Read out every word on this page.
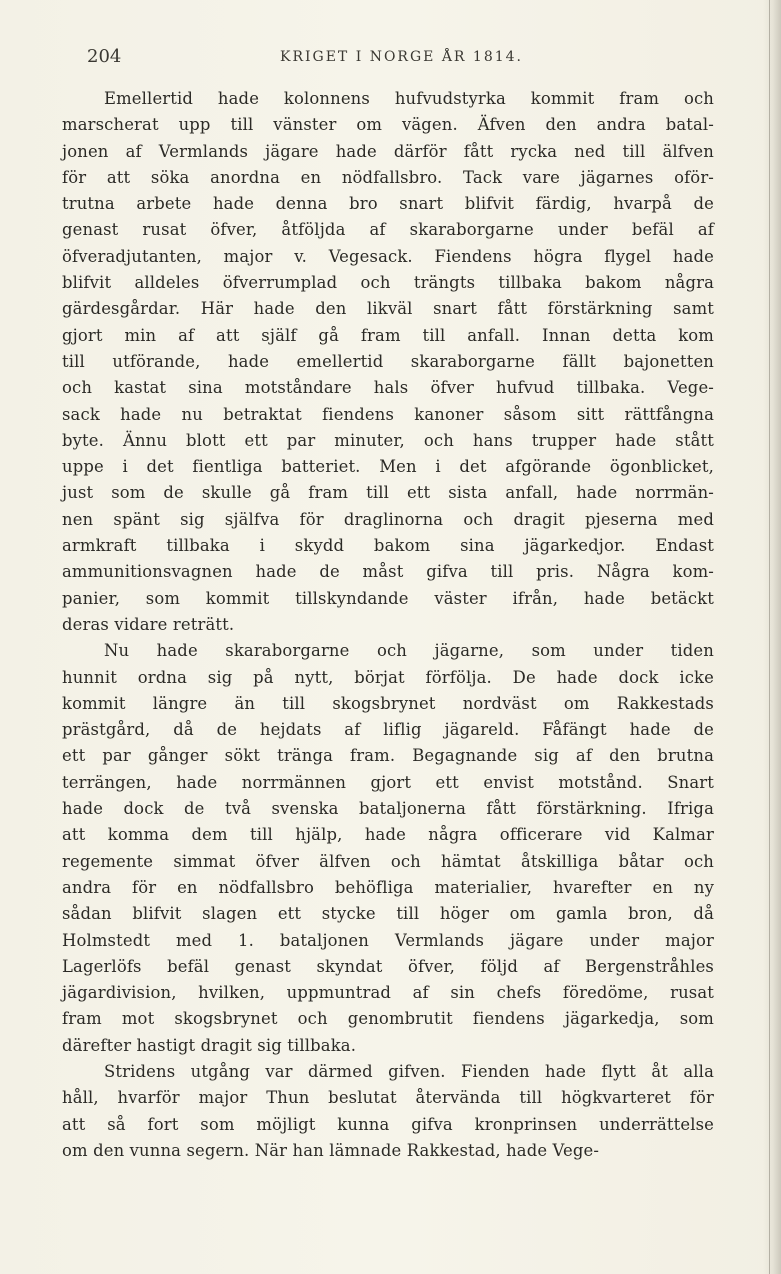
204	KRIGET I NORGE ÅR 1814.
Emellertid hade kolonnens hufvudstyrka kommit fram och
marscherat upp till vänster om vägen. Äfven den andra batal-
jonen af Vermlands jägare hade därför fått rycka ned till älfven
för att söka anordna en nödfallsbro. Tack vare jägarnes oför-
trutna arbete hade denna bro snart blifvit färdig, hvarpå de
genast rusat öfver, åtföljda af skaraborgarne under befäl af
öfveradjutanten, major v. Vegesack. Fiendens högra flygel hade
blifvit alldeles öfverrumplad och trängts tillbaka bakom några
gärdesgårdar. Här hade den likväl snart fått förstärkning samt
gjort min af att själf gå fram till anfall. Innan detta kom
till utförande, hade emellertid skaraborgarne fällt bajonetten
och kastat sina motståndare hals öfver hufvud tillbaka. Vege-
sack hade nu betraktat fiendens kanoner såsom sitt rättfångna
byte. Ännu blott ett par minuter, och hans trupper hade stått
uppe i det fientliga batteriet. Men i det afgörande ögonblicket,
just som de skulle gå fram till ett sista anfall, hade norrmän-
nen spänt sig själfva för draglinorna och dragit pjeserna med
armkraft tillbaka i skydd bakom sina jägarkedjor. Endast
ammunitionsvagnen hade de måst gifva till pris. Några kom-
panier, som kommit tillskyndande väster ifrån, hade betäckt
deras vidare reträtt.
Nu hade skaraborgarne och jägarne, som under tiden
hunnit ordna sig på nytt, börjat förfölja. De hade dock icke
kommit längre än till skogsbrynet nordväst om Rakkestads
prästgård, då de hejdats af liflig jägareld. Fåfängt hade de
ett par gånger sökt tränga fram. Begagnande sig af den brutna
terrängen, hade norrmännen gjort ett envist motstånd. Snart
hade dock de två svenska bataljonerna fått förstärkning. Ifriga
att komma dem till hjälp, hade några officerare vid Kalmar
regemente simmat öfver älfven och hämtat åtskilliga båtar och
andra för en nödfallsbro behöfliga materialier, hvarefter en ny
sådan blifvit slagen ett stycke till höger om gamla bron, då
Holmstedt med 1. bataljonen Vermlands jägare under major
Lagerlöfs befäl genast skyndat öfver, följd af Bergenstråhles
jägardivision, hvilken, uppmuntrad af sin chefs föredöme, rusat
fram mot skogsbrynet och genombrutit fiendens jägarkedja, som
därefter hastigt dragit sig tillbaka.
Stridens utgång var därmed gifven. Fienden hade flytt åt alla
håll, hvarför major Thun beslutat återvända till högkvarteret för
att så fort som möjligt kunna gifva kronprinsen underrättelse
om den vunna segern. När han lämnade Rakkestad, hade Vege-
